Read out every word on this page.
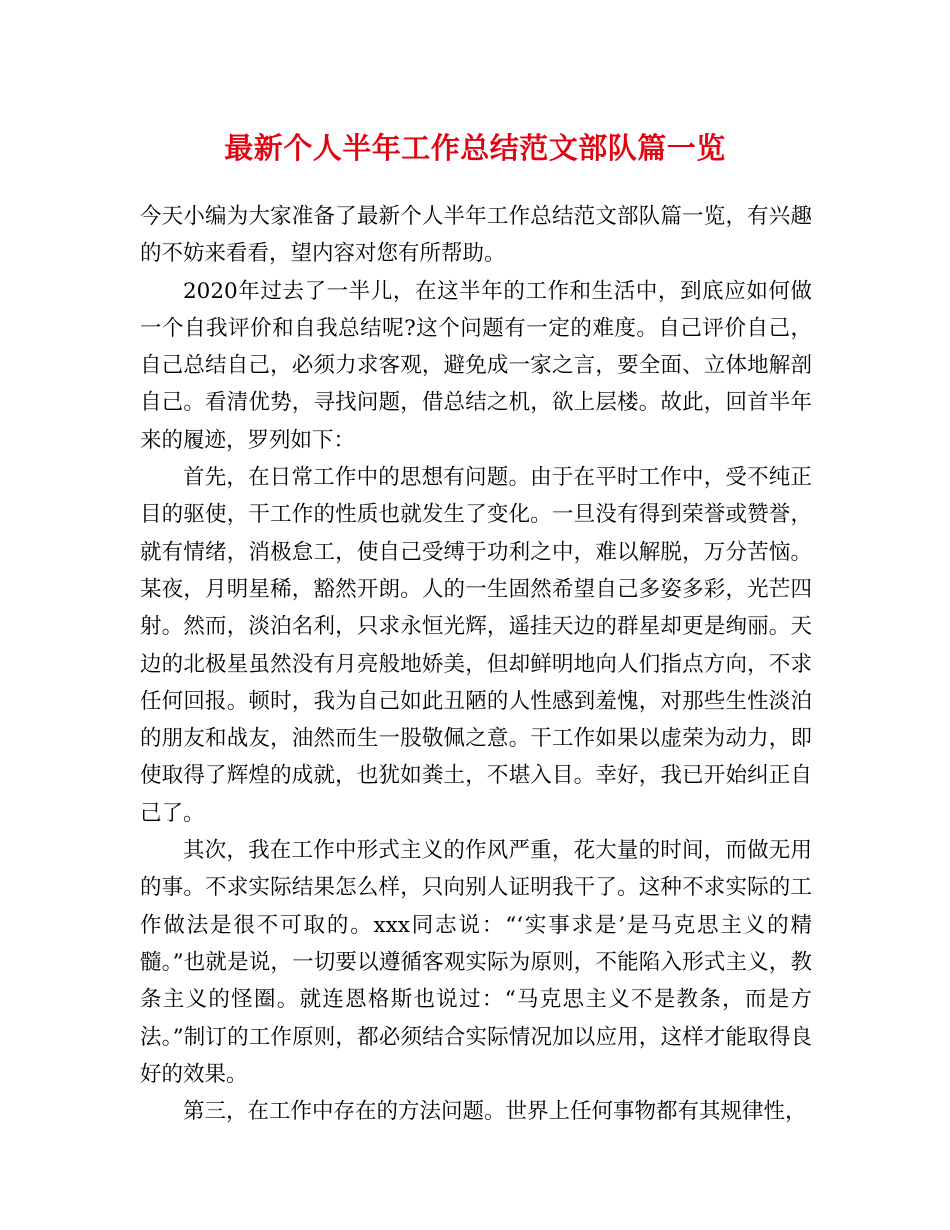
最新个人半年工作总结范文部队篇一览

今天小编为大家准备了最新个人半年工作总结范文部队篇一览，有兴趣的不妨来看看，望内容对您有所帮助。

2020年过去了一半儿，在这半年的工作和生活中，到底应如何做一个自我评价和自我总结呢?这个问题有一定的难度。自己评价自己，自己总结自己，必须力求客观，避免成一家之言，要全面、立体地解剖自己。看清优势，寻找问题，借总结之机，欲上层楼。故此，回首半年来的履迹，罗列如下：

首先，在日常工作中的思想有问题。由于在平时工作中，受不纯正目的驱使，干工作的性质也就发生了变化。一旦没有得到荣誉或赞誉，就有情绪，消极怠工，使自己受缚于功利之中，难以解脱，万分苦恼。某夜，月明星稀，豁然开朗。人的一生固然希望自己多姿多彩，光芒四射。然而，淡泊名利，只求永恒光辉，遥挂天边的群星却更是绚丽。天边的北极星虽然没有月亮般地娇美，但却鲜明地向人们指点方向，不求任何回报。顿时，我为自己如此丑陋的人性感到羞愧，对那些生性淡泊的朋友和战友，油然而生一股敬佩之意。干工作如果以虚荣为动力，即使取得了辉煌的成就，也犹如粪土，不堪入目。幸好，我已开始纠正自己了。

其次，我在工作中形式主义的作风严重，花大量的时间，而做无用的事。不求实际结果怎么样，只向别人证明我干了。这种不求实际的工作做法是很不可取的。xxx同志说：“‘实事求是’是马克思主义的精髓。”也就是说，一切要以遵循客观实际为原则，不能陷入形式主义，教条主义的怪圈。就连恩格斯也说过：“马克思主义不是教条，而是方法。”制订的工作原则，都必须结合实际情况加以应用，这样才能取得良好的效果。

第三，在工作中存在的方法问题。世界上任何事物都有其规律性，
